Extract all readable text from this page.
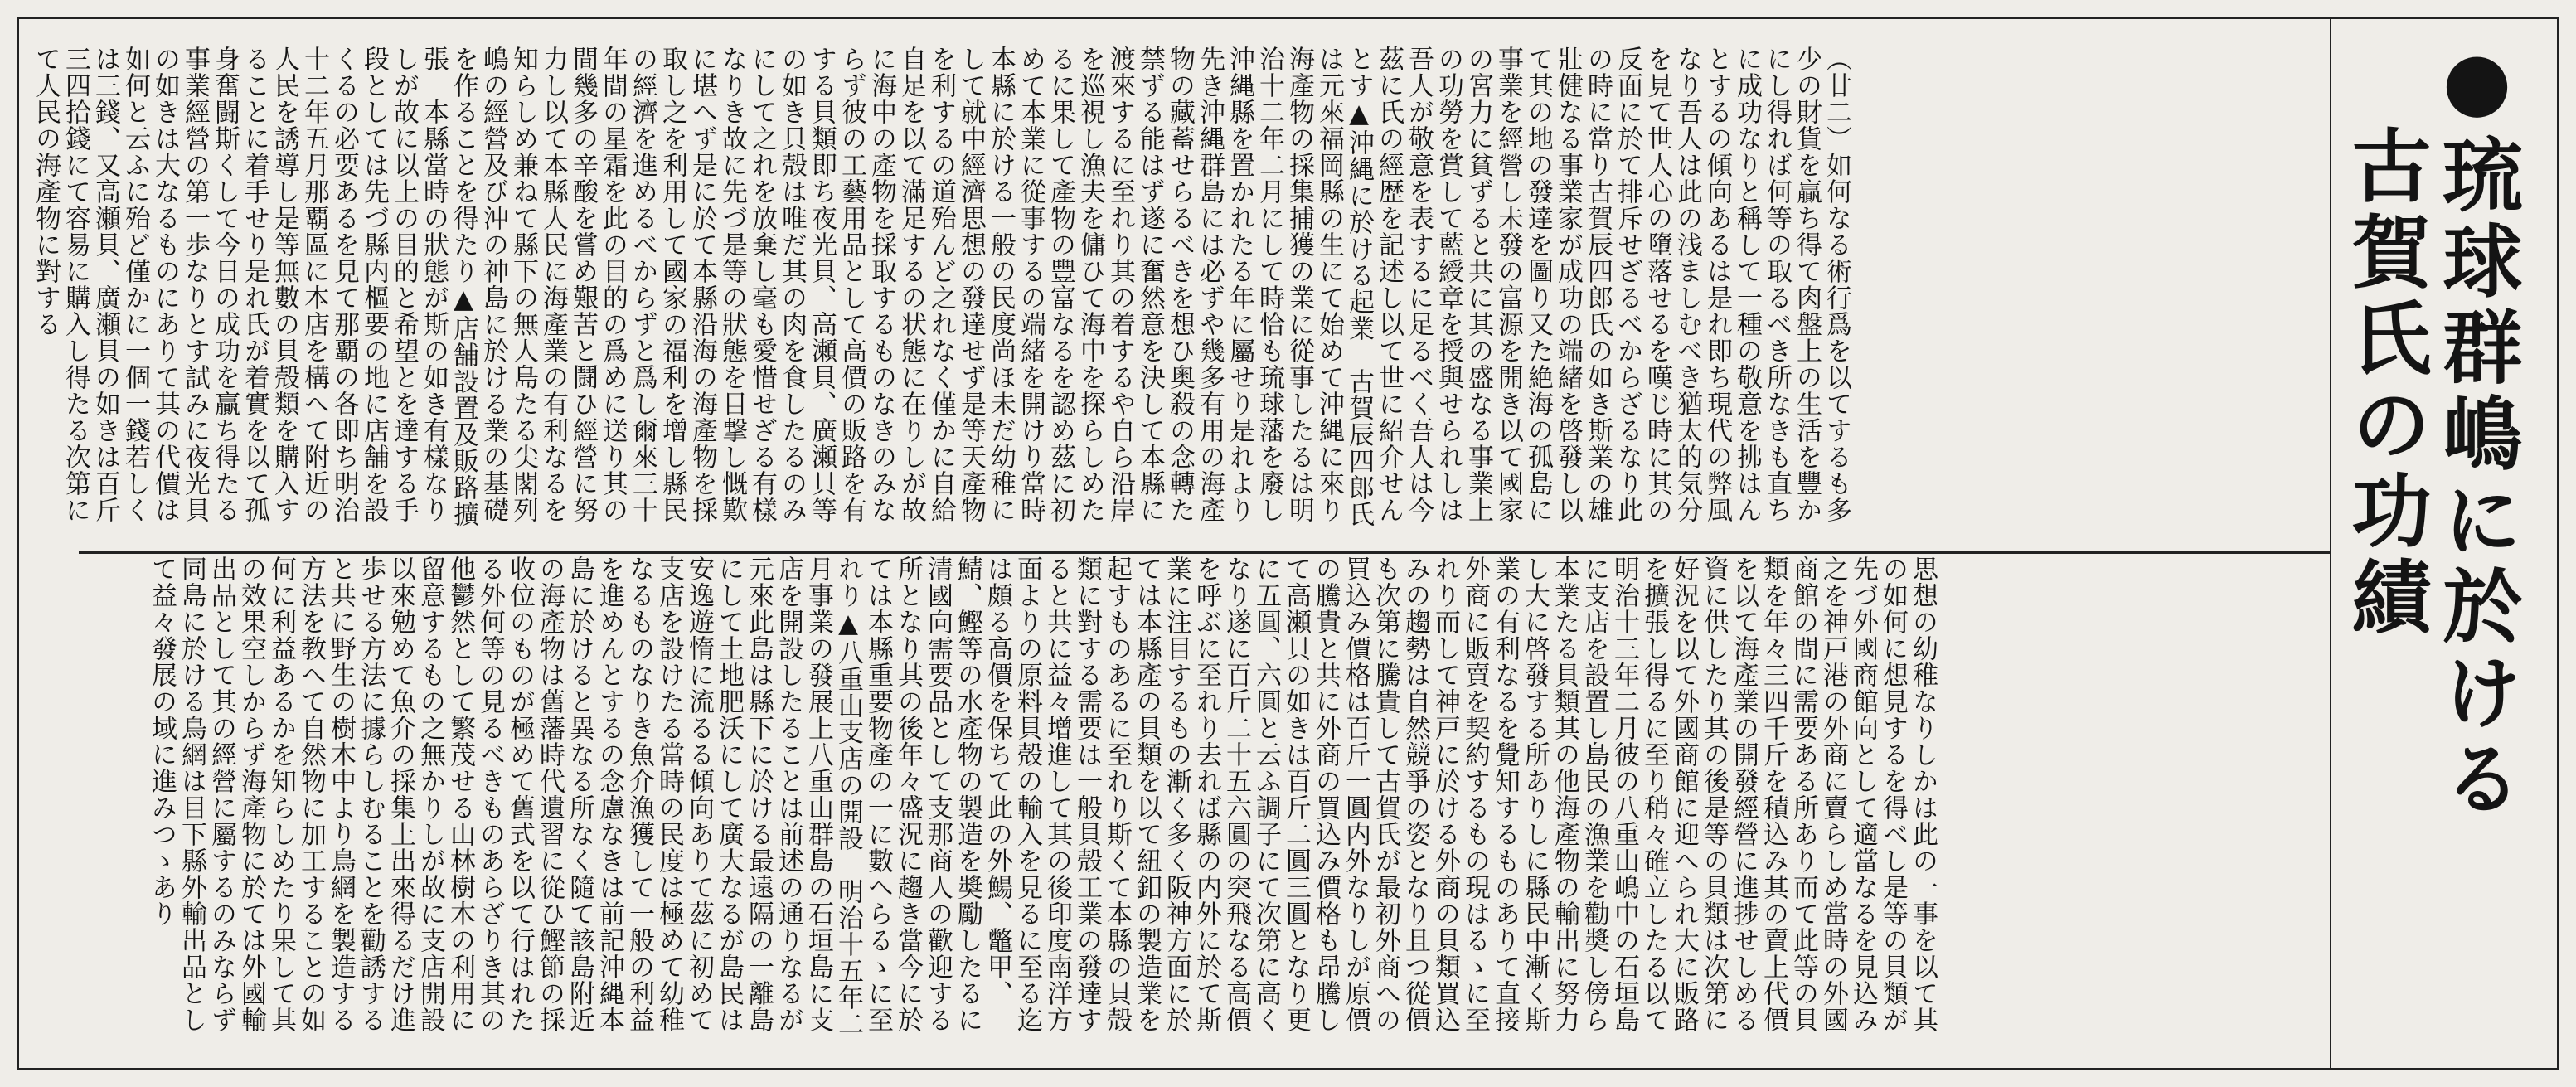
●琉球群嶋に於ける
古賀氏の功績
（廿二）如何なる術行爲を以てするも多少の財貨を贏ち得て肉盤上の生活を豐かにし得れば何等の取るべき所なきも直ちに成功なりと稱して一種の敬意を拂はんとするの傾向あるは是れ即ち現代の弊風なり吾人は此の浅ましむべき猶太的気分を見て世人心の墮落せるを嘆じ時に其の反面に於て排斥せざるべからざるなり此の時に當り古賀辰四郎氏の如き斯業の雄壯健なる事業家が成功の端緒を啓發し以て其の地の發達を圖り又た絶海の孤島に事業を經營し未發の富源を開き以て國家の宮力に貧ずると共に其の盛なる事業上の功勞を賞して藍綬章を授與せられしは吾人が敬意を表するに足るべく吾人は今茲に氏の經歴を記述し以て世に紹介せんとす▲沖縄に於ける起業　古賀辰四郎氏は元來福岡縣の生にて始めて沖縄に來り海產物の採集捕獲の業に從事したるは明治十二年二月にして時恰も琉球藩を廢し沖縄縣を置かれたる年に屬せり是れより先き沖縄群島には必ずや幾多有用の海產物の藏蓄せらるべきを想ひ奥殺の念轉た禁ずる能はず遂に奮然意を決して本縣に渡來するに至れり其の着するや自ら沿岸を巡視し漁夫を傭ひて海中を探らしめたるに果して產物の豐富なるを認め茲に初めて本業に從事するの端緒を開けり當時本縣に於ける一般の民度尚ほ未だ幼稚にして就中經濟思想の發達せず是等天產物を利するの道殆んど之れなく僅かに自給自足を以て滿足するの状態に在りしが故に海中の產物を採取するものなきのみならず彼の工藝用品として高價の販路を有する貝類即ち夜光貝、高瀬貝、廣瀬貝等の如き貝殻は唯だ其の肉を食したるのみにして之れを放棄し毫も愛惜せざる有樣なりき故に先づ是等の狀態を目撃し慨歎に堪へず是に於て本縣沿海の海產物を採取し之を利用して國家の福利を增し縣民の經濟を進めるべからずと爲し爾來三十年間の星霜を此の目的の爲めに送り其の間幾多の辛酸を嘗め艱苦と鬪ひ經營に努力し以て本縣人民に海產業の有利なるを知らしめ兼ねて縣下の無人島たる尖閣列嶋の經營及び沖の神島に於ける業の基礎を作ることを得たり▲店舗設置及販路擴張　本縣當時の狀態が斯の如き有樣なりしが故に以上の目的と希望とを達する手段としては先づ縣内樞要の地に店舗を設くるの必要あるを見て那覇の各即ち明治十二年五月那覇區に本店を構へて附近の人民を誘導し是等無數の貝殻類を購入することに着手せり是れ氏が着實を以て孤身奮闘斯くして今日の成功を贏ち得たる事業經營の第一歩なりとす試みに夜光貝の如きは大なるものにありて其の代價は如何と云ふに殆ど僅かに一個一錢若しくは三錢、又高瀬貝、廣瀬貝の如きは百斤三四拾錢にて容易に購入し得たる次第にて人民の海產物に對する
思想の幼稚なりしかは此の一事を以て其の如何に想見するを得べし是等の貝類が先づ外國商館向として適當なるを見込み之を神戸港の外商に賣らしめ當時の外國商館の間に需要ある所あり而て此等の貝類を年々三四千斤を積込み其の賣上代價を以て海產業の開發經營に進捗せしめる資に供したり其の後是等の貝類は次第に好況を以て外國商館に迎へられ大に販路を擴張し得るに至り稍々確立したる以て明治十三年二月彼の八重山嶋中の石垣島に支店を設置し島民の漁業を勸奬し傍ら本業たる貝類其の他海產物の輸出に努力し大に啓發する所ありしに縣民中漸く斯業の有利なるを覺知するものありて直接外商に販賣を契約するもの現はるゝに至れり而して神戸に於ける外商の貝類買込みの趨勢は自然競爭の姿となり且つ從價も次第に騰貴して古賀氏が最初外商への買込み價格は百斤一圓内外なりしが原價の騰貴と共に外商の買込み價格も昂騰して高瀬貝の如きは百斤二圓三圓となり更に五圓、六圓と云ふ調子にて次第に高くなり遂に百斤二十五六圓の突飛なる高價を呼ぶに至れり去れば縣の内外に於て斯業に注目するもの漸く多く阪神方面に於ては本縣產の貝類を以て紐釦の製造業を起すものあるに至れり斯くて本縣の貝殻類に對する需要は一般貝殻工業の發達すると共に益々增進して其の後印度南洋方面よりの原料貝殻の輸入を見るに至る迄は頗る高價を保ちて此の外鰑、鼈甲、鯖、鰹等の水產物の製造を奬勵したるに清國向需要品として支那商人の歡迎する所となり其の後年々盛況に趨き當今に於ては本縣重要物產の一に數へらるゝに至れり▲八重山支店の開設　明治十五年二月事業の發展上八重山群島の石垣島に支店を開設したることは前述の通りなるが元來此島は縣下に於ける最遠隔の一離島にして土地肥沃にして廣大なるが島民は安逸遊惰に流るる傾向ありて茲に初めて支店を設けたる當時の民度は極めて幼稚なるものなりき魚介漁獲して一般の利益を進めんとするの念慮なきは前記沖縄本島に於けると異なる所なく隨て該島附近の海產物は舊藩時代遺習に從ひ鰹節の採收位のものが極めて舊式を以て行はれたる外何等の見るべきものあらざりき其の他鬱然として繁茂せる山林樹木の利用に留意するもの之無かりしが故に支店開設以來勉めて魚介の採集上出來得るだけ進歩せる方法に據らしむることを勸誘すると共に野生の樹木中より鳥網を製造する方法を教へて自然物に加工することの如何に利益あるかを知らしめたり果して其の效果空しからず海產物に於ては外國輸出品として其の經營に屬するのみならず同島に於ける鳥網は目下縣外輸出品として益々發展の域に進みつゝあり
